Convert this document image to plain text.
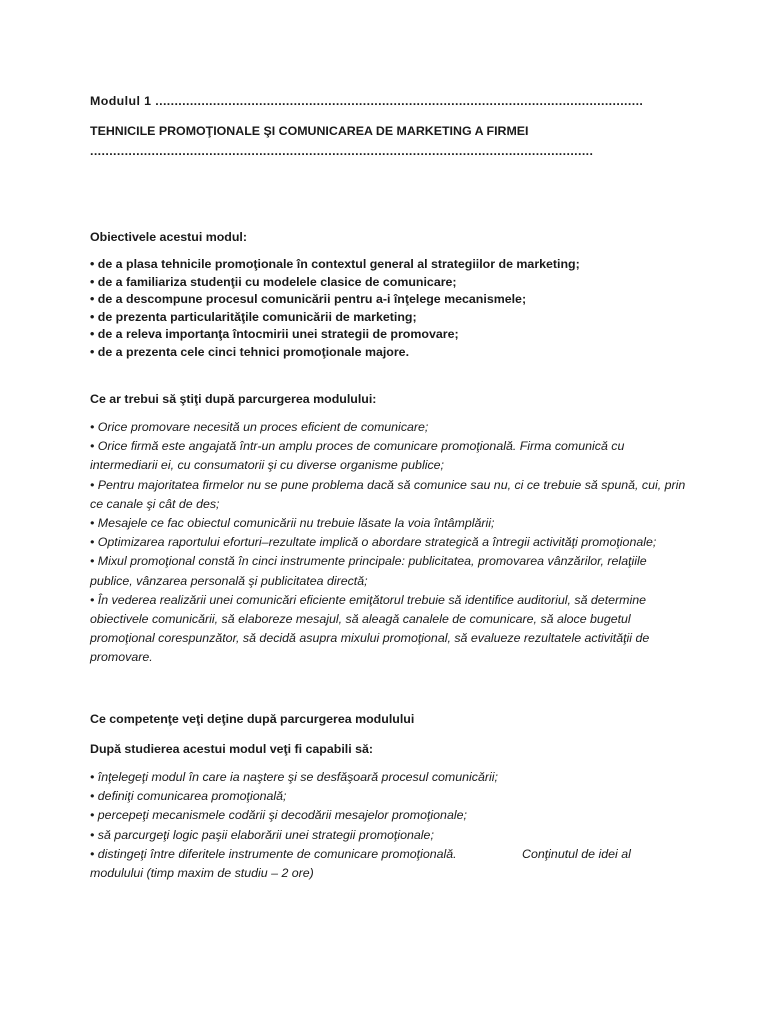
Modulul 1 ...............................................................................................................................
TEHNICILE PROMOŢIONALE ŞI COMUNICAREA DE MARKETING A FIRMEI
...................................................................................................................................
Obiectivele acestui modul:
• de a plasa tehnicile promoţionale în contextul general al strategiilor de marketing;
• de a familiariza studenţii cu modelele clasice de comunicare;
• de a descompune procesul comunicării pentru a-i înţelege mecanismele;
• de prezenta particularităţile comunicării de marketing;
• de a releva importanţa întocmirii unei strategii de promovare;
• de a prezenta cele cinci tehnici promoţionale majore.
Ce ar trebui să ştiţi după parcurgerea modulului:
• Orice promovare necesită un proces eficient de comunicare;
• Orice firmă este angajată într-un amplu proces de comunicare promoţională. Firma comunică cu intermediarii ei, cu consumatorii şi cu diverse organisme publice;
• Pentru majoritatea firmelor nu se pune problema dacă să comunice sau nu, ci ce trebuie să spună, cui, prin ce canale şi cât de des;
• Mesajele ce fac obiectul comunicării nu trebuie lăsate la voia întâmplării;
• Optimizarea raportului eforturi–rezultate implică o abordare strategică a întregii activităţi promoţionale;
• Mixul promoţional constă în cinci instrumente principale: publicitatea, promovarea vânzărilor, relaţiile publice, vânzarea personală şi publicitatea directă;
• În vederea realizării unei comunicări eficiente emiţătorul trebuie să identifice auditoriul, să determine obiectivele comunicării, să elaboreze mesajul, să aleagă canalele de comunicare, să aloce bugetul promoţional corespunzător, să decidă asupra mixului promoţional, să evalueze rezultatele activităţii de promovare.
Ce competenţe veţi deţine după parcurgerea modulului
După studierea acestui modul veţi fi capabili să:
• înţelegeţi modul în care ia naştere şi se desfăşoară procesul comunicării;
• definiţi comunicarea promoţională;
• percepeţi mecanismele codării şi decodării mesajelor promoţionale;
• să parcurgeţi logic paşii elaborării unei strategii promoţionale;
• distingeţi între diferitele instrumente de comunicare promoţională.	Conţinutul de idei al
modulului (timp maxim de studiu – 2 ore)
